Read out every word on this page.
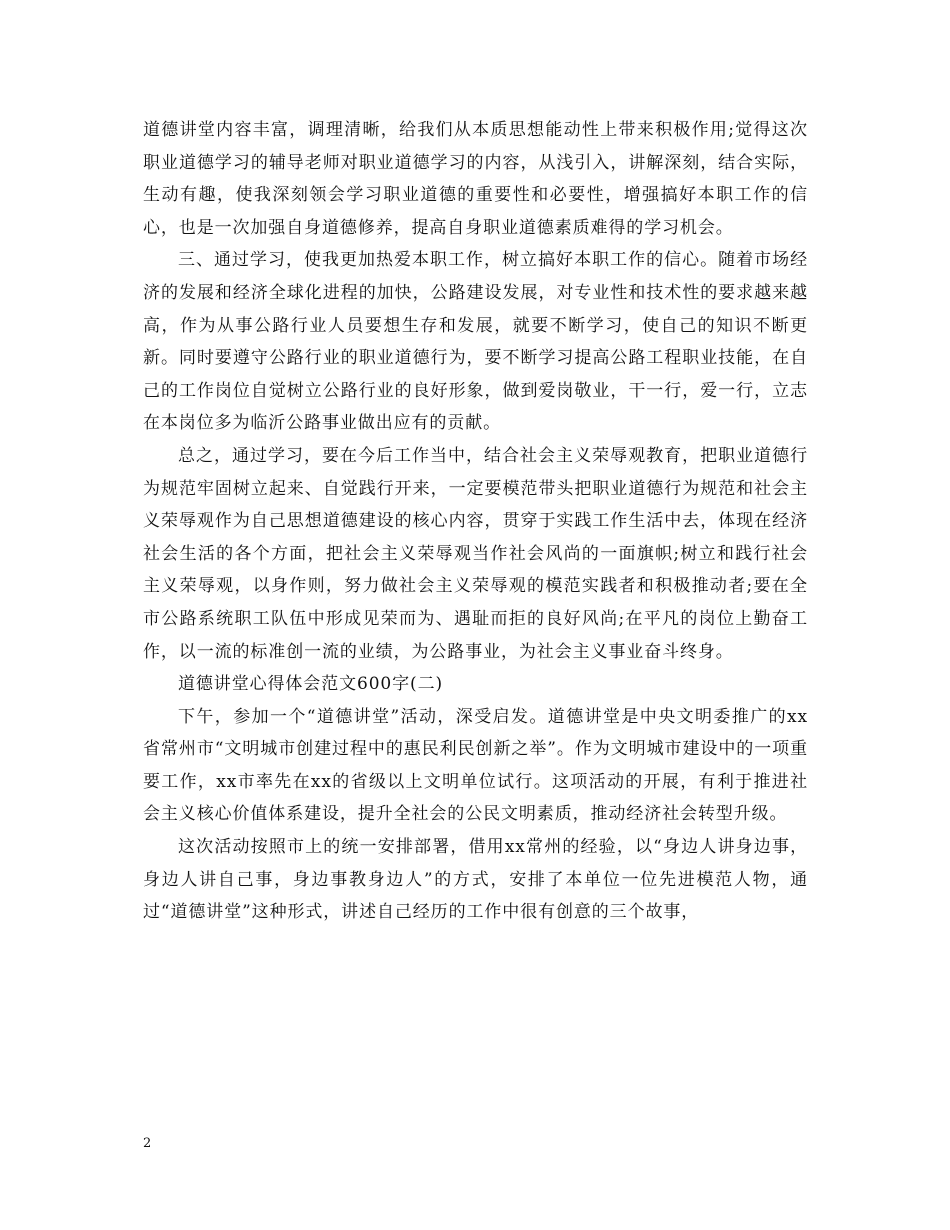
道德讲堂内容丰富，调理清晰，给我们从本质思想能动性上带来积极作用;觉得这次职业道德学习的辅导老师对职业道德学习的内容，从浅引入，讲解深刻，结合实际，生动有趣，使我深刻领会学习职业道德的重要性和必要性，增强搞好本职工作的信心，也是一次加强自身道德修养，提高自身职业道德素质难得的学习机会。

三、通过学习，使我更加热爱本职工作，树立搞好本职工作的信心。随着市场经济的发展和经济全球化进程的加快，公路建设发展，对专业性和技术性的要求越来越高，作为从事公路行业人员要想生存和发展，就要不断学习，使自己的知识不断更新。同时要遵守公路行业的职业道德行为，要不断学习提高公路工程职业技能，在自己的工作岗位自觉树立公路行业的良好形象，做到爱岗敬业，干一行，爱一行，立志在本岗位多为临沂公路事业做出应有的贡献。

总之，通过学习，要在今后工作当中，结合社会主义荣辱观教育，把职业道德行为规范牢固树立起来、自觉践行开来，一定要模范带头把职业道德行为规范和社会主义荣辱观作为自己思想道德建设的核心内容，贯穿于实践工作生活中去，体现在经济社会生活的各个方面，把社会主义荣辱观当作社会风尚的一面旗帜;树立和践行社会主义荣辱观，以身作则，努力做社会主义荣辱观的模范实践者和积极推动者;要在全市公路系统职工队伍中形成见荣而为、遇耻而拒的良好风尚;在平凡的岗位上勤奋工作，以一流的标准创一流的业绩，为公路事业，为社会主义事业奋斗终身。

道德讲堂心得体会范文600字(二)

下午，参加一个“道德讲堂”活动，深受启发。道德讲堂是中央文明委推广的xx省常州市“文明城市创建过程中的惠民利民创新之举”。作为文明城市建设中的一项重要工作，xx市率先在xx的省级以上文明单位试行。这项活动的开展，有利于推进社会主义核心价值体系建设，提升全社会的公民文明素质，推动经济社会转型升级。

这次活动按照市上的统一安排部署，借用xx常州的经验，以“身边人讲身边事，身边人讲自己事，身边事教身边人”的方式，安排了本单位一位先进模范人物，通过“道德讲堂”这种形式，讲述自己经历的工作中很有创意的三个故事，

2
